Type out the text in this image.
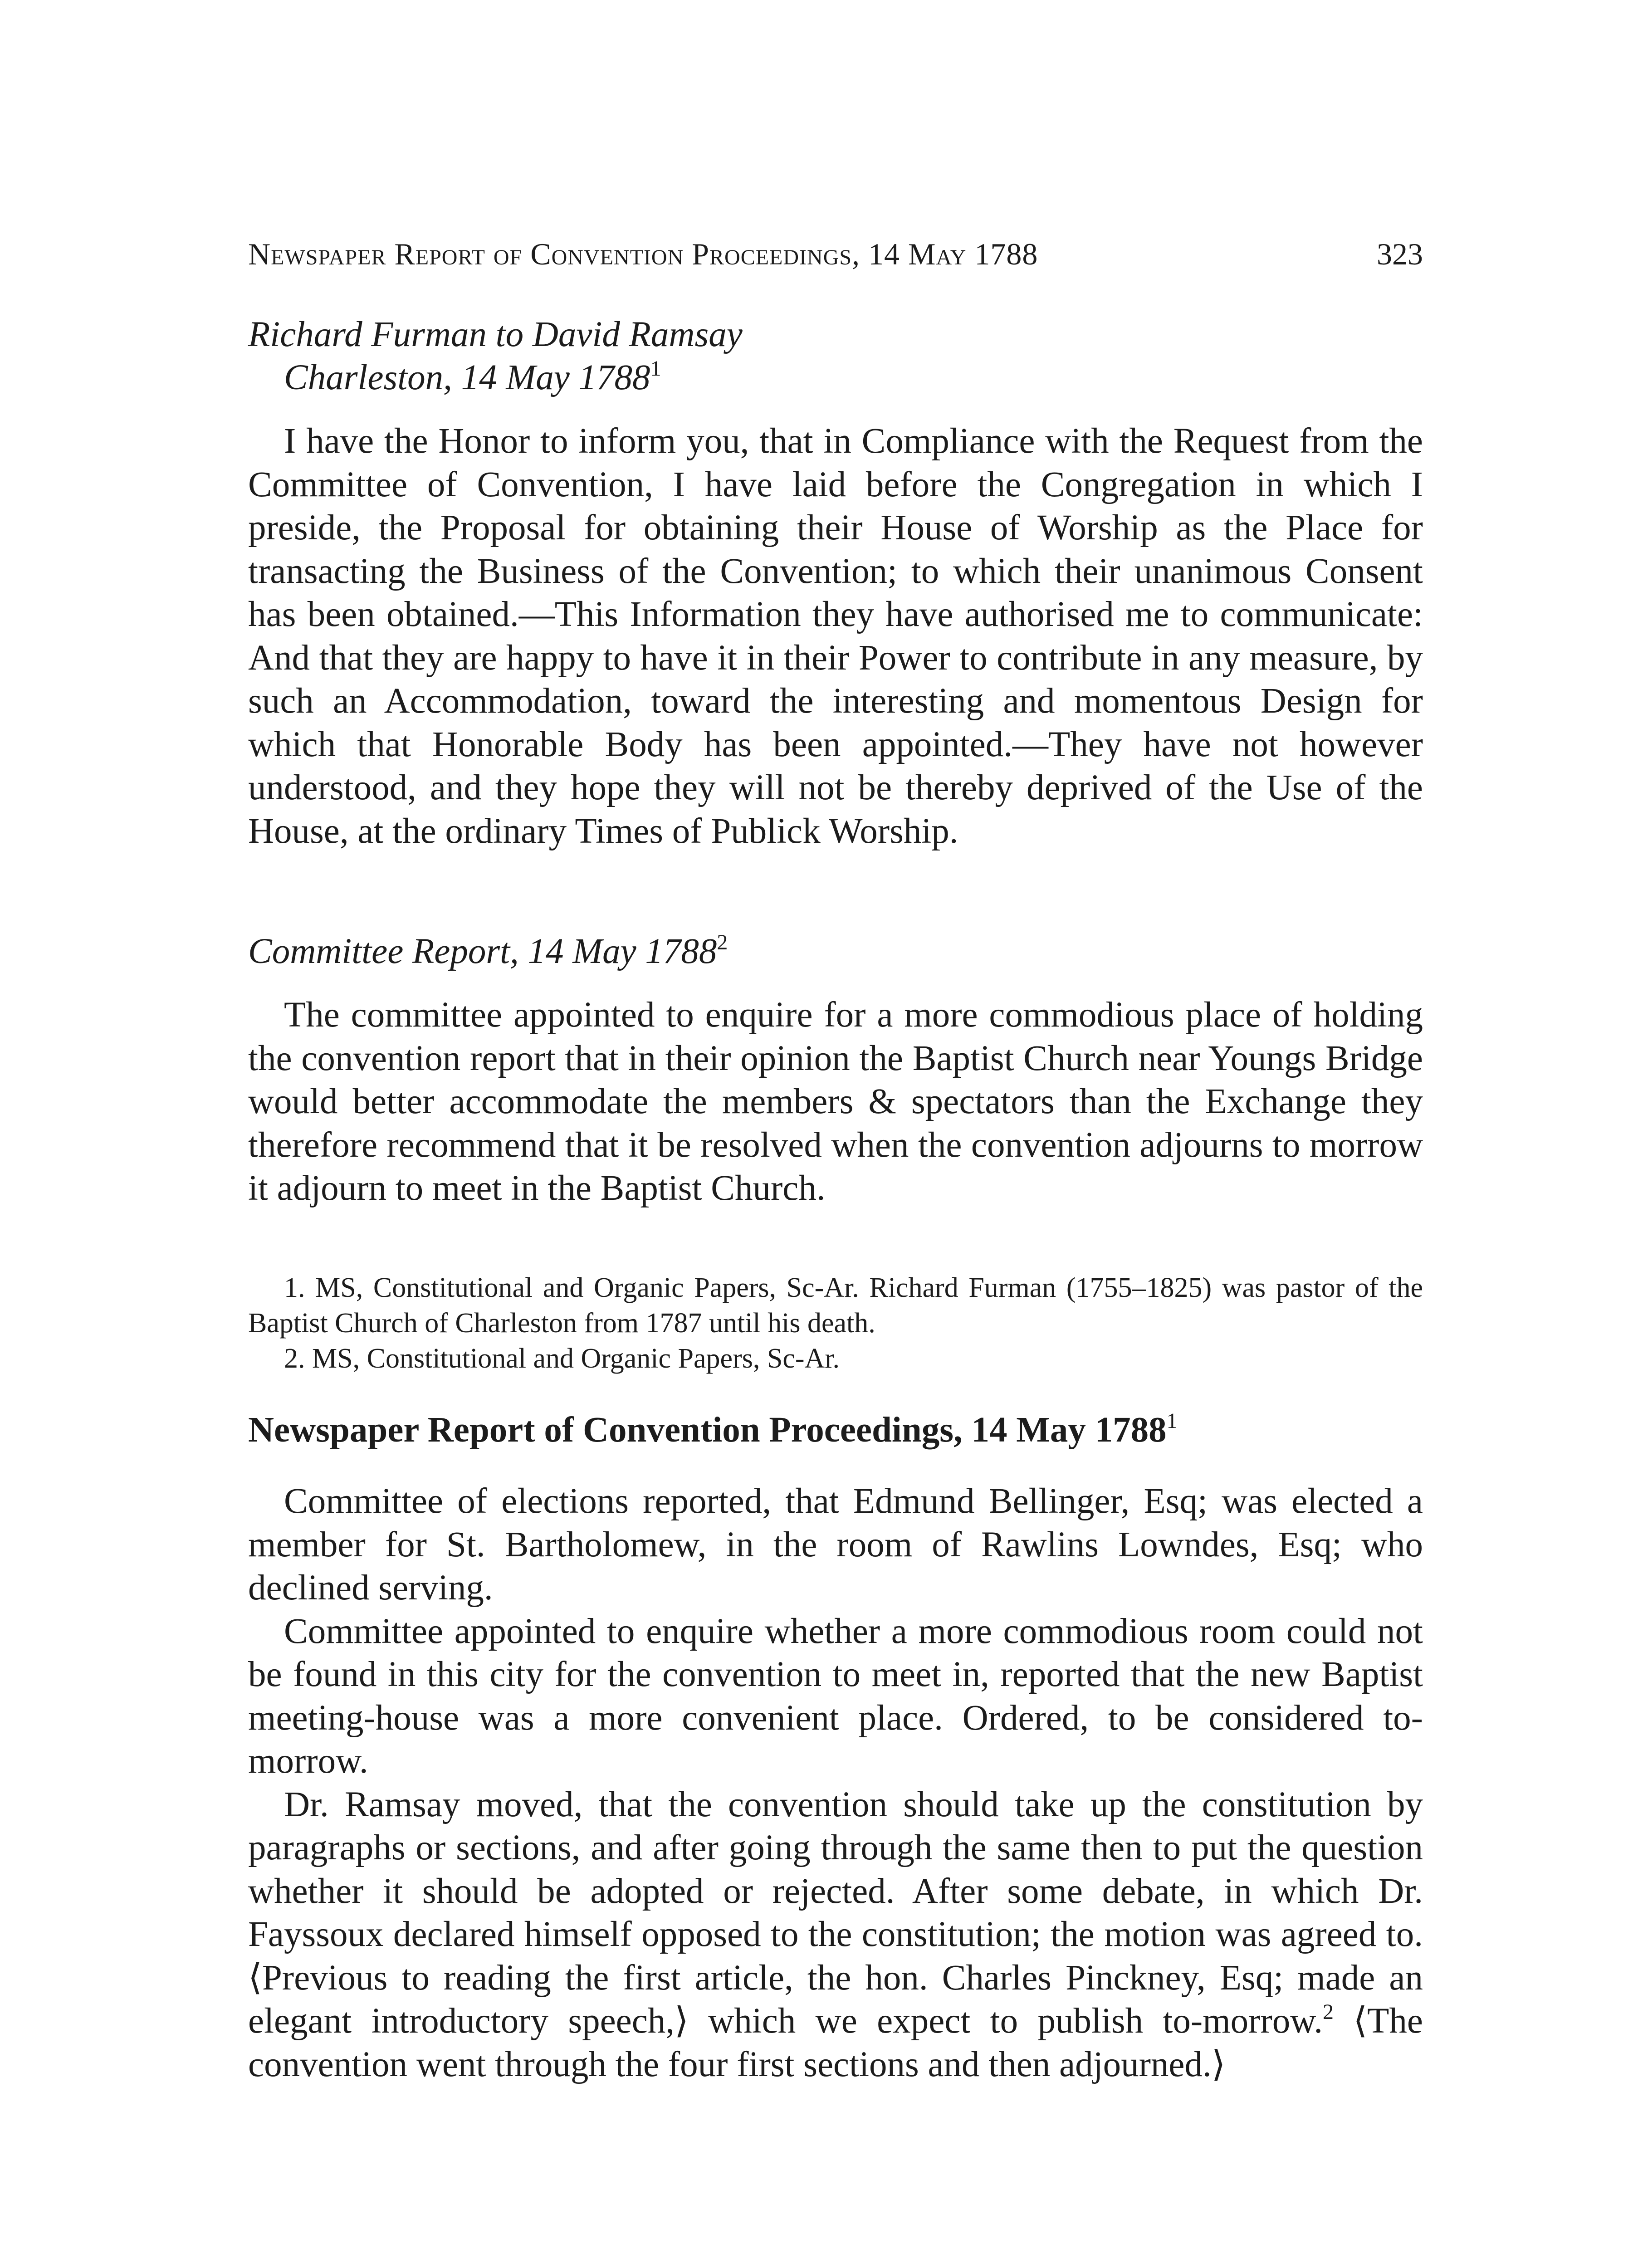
Newspaper Report of Convention Proceedings, 14 May 1788	323
Richard Furman to David Ramsay
Charleston, 14 May 1788$^1$

I have the Honor to inform you, that in Compliance with the Request from the Committee of Convention, I have laid before the Congregation in which I preside, the Proposal for obtaining their House of Worship as the Place for transacting the Business of the Convention; to which their unanimous Consent has been obtained.—This Information they have authorised me to communicate: And that they are happy to have it in their Power to contribute in any measure, by such an Accommodation, toward the interesting and momentous Design for which that Honorable Body has been appointed.—They have not however understood, and they hope they will not be thereby deprived of the Use of the House, at the ordinary Times of Publick Worship.

Committee Report, 14 May 1788$^2$

The committee appointed to enquire for a more commodious place of holding the convention report that in their opinion the Baptist Church near Youngs Bridge would better accommodate the members & spectators than the Exchange they therefore recommend that it be resolved when the convention adjourns to morrow it adjourn to meet in the Baptist Church.

1. MS, Constitutional and Organic Papers, Sc-Ar. Richard Furman (1755–1825) was pastor of the Baptist Church of Charleston from 1787 until his death.

2. MS, Constitutional and Organic Papers, Sc-Ar.

Newspaper Report of Convention Proceedings, 14 May 1788$^1$

Committee of elections reported, that Edmund Bellinger, Esq; was elected a member for St. Bartholomew, in the room of Rawlins Lowndes, Esq; who declined serving.

Committee appointed to enquire whether a more commodious room could not be found in this city for the convention to meet in, reported that the new Baptist meeting-house was a more convenient place. Ordered, to be considered to-morrow.

Dr. Ramsay moved, that the convention should take up the constitution by paragraphs or sections, and after going through the same then to put the question whether it should be adopted or rejected. After some debate, in which Dr. Fayssoux declared himself opposed to the constitution; the motion was agreed to. ⟨Previous to reading the first article, the hon. Charles Pinckney, Esq; made an elegant introductory speech,⟩ which we expect to publish to-morrow.$^2$ ⟨The convention went through the four first sections and then adjourned.⟩
